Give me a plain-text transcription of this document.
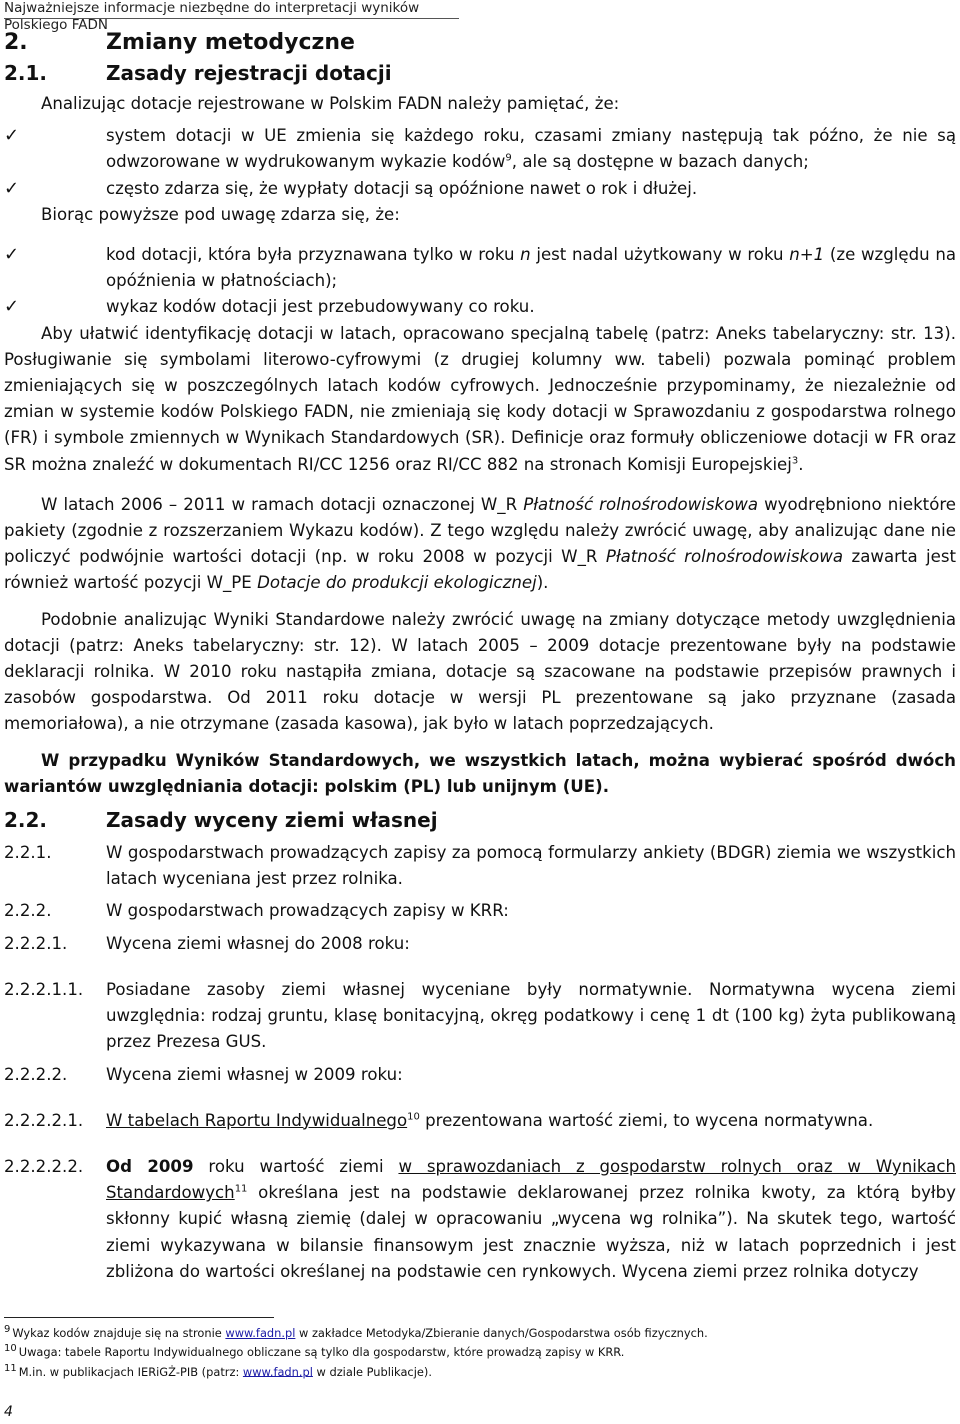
Najważniejsze informacje niezbędne do interpretacji wyników Polskiego FADN
2.	Zmiany metodyczne
2.1.	Zasady rejestracji dotacji

Analizując dotacje rejestrowane w Polskim FADN należy pamiętać, że:

✓	system dotacji w UE zmienia się każdego roku, czasami zmiany następują tak późno, że nie są odwzorowane w wydrukowanym wykazie kodów$^9$, ale są dostępne w bazach danych;
✓	często zdarza się, że wypłaty dotacji są opóźnione nawet o rok i dłużej.

Biorąc powyższe pod uwagę zdarza się, że:

✓	kod dotacji, która była przyznawana tylko w roku n jest nadal użytkowany w roku n+1 (ze względu na opóźnienia w płatnościach);
✓	wykaz kodów dotacji jest przebudowywany co roku.

Aby ułatwić identyfikację dotacji w latach, opracowano specjalną tabelę (patrz: Aneks tabelaryczny: str. 13). Posługiwanie się symbolami literowo-cyfrowymi (z drugiej kolumny ww. tabeli) pozwala pominąć problem zmieniających się w poszczególnych latach kodów cyfrowych. Jednocześnie przypominamy, że niezależnie od zmian w systemie kodów Polskiego FADN, nie zmieniają się kody dotacji w Sprawozdaniu z gospodarstwa rolnego (FR) i symbole zmiennych w Wynikach Standardowych (SR). Definicje oraz formuły obliczeniowe dotacji w FR oraz SR można znaleźć w dokumentach RI/CC 1256 oraz RI/CC 882 na stronach Komisji Europejskiej$^3$.

W latach 2006 – 2011 w ramach dotacji oznaczonej W_R Płatność rolnośrodowiskowa wyodrębniono niektóre pakiety (zgodnie z rozszerzaniem Wykazu kodów). Z tego względu należy zwrócić uwagę, aby analizując dane nie policzyć podwójnie wartości dotacji (np. w roku 2008 w pozycji W_R Płatność rolnośrodowiskowa zawarta jest również wartość pozycji W_PE Dotacje do produkcji ekologicznej).

Podobnie analizując Wyniki Standardowe należy zwrócić uwagę na zmiany dotyczące metody uwzględnienia dotacji (patrz: Aneks tabelaryczny: str. 12). W latach 2005 – 2009 dotacje prezentowane były na podstawie deklaracji rolnika. W 2010 roku nastąpiła zmiana, dotacje są szacowane na podstawie przepisów prawnych i zasobów gospodarstwa. Od 2011 roku dotacje w wersji PL prezentowane są jako przyznane (zasada memoriałowa), a nie otrzymane (zasada kasowa), jak było w latach poprzedzających.

W przypadku Wyników Standardowych, we wszystkich latach, można wybierać spośród dwóch wariantów uwzględniania dotacji: polskim (PL) lub unijnym (UE).

2.2.	Zasady wyceny ziemi własnej
2.2.1.	W gospodarstwach prowadzących zapisy za pomocą formularzy ankiety (BDGR) ziemia we wszystkich latach wyceniana jest przez rolnika.
2.2.2.	W gospodarstwach prowadzących zapisy w KRR:
2.2.2.1. Wycena ziemi własnej do 2008 roku:
2.2.2.1.1. Posiadane zasoby ziemi własnej wyceniane były normatywnie. Normatywna wycena ziemi uwzględnia: rodzaj gruntu, klasę bonitacyjną, okręg podatkowy i cenę 1 dt (100 kg) żyta publikowaną przez Prezesa GUS.
2.2.2.2. Wycena ziemi własnej w 2009 roku:
2.2.2.2.1. W tabelach Raportu Indywidualnego$^{10}$ prezentowana wartość ziemi, to wycena normatywna.
2.2.2.2.2. Od 2009 roku wartość ziemi w sprawozdaniach z gospodarstw rolnych oraz w Wynikach Standardowych$^{11}$ określana jest na podstawie deklarowanej przez rolnika kwoty, za którą byłby skłonny kupić własną ziemię (dalej w opracowaniu „wycena wg rolnika”). Na skutek tego, wartość ziemi wykazywana w bilansie finansowym jest znacznie wyższa, niż w latach poprzednich i jest zbliżona do wartości określanej na podstawie cen rynkowych. Wycena ziemi przez rolnika dotyczy
9 Wykaz kodów znajduje się na stronie www.fadn.pl w zakładce Metodyka/Zbieranie danych/Gospodarstwa osób fizycznych.
10 Uwaga: tabele Raportu Indywidualnego obliczane są tylko dla gospodarstw, które prowadzą zapisy w KRR.
11 M.in. w publikacjach IERiGŻ-PIB (patrz: www.fadn.pl w dziale Publikacje).
4
